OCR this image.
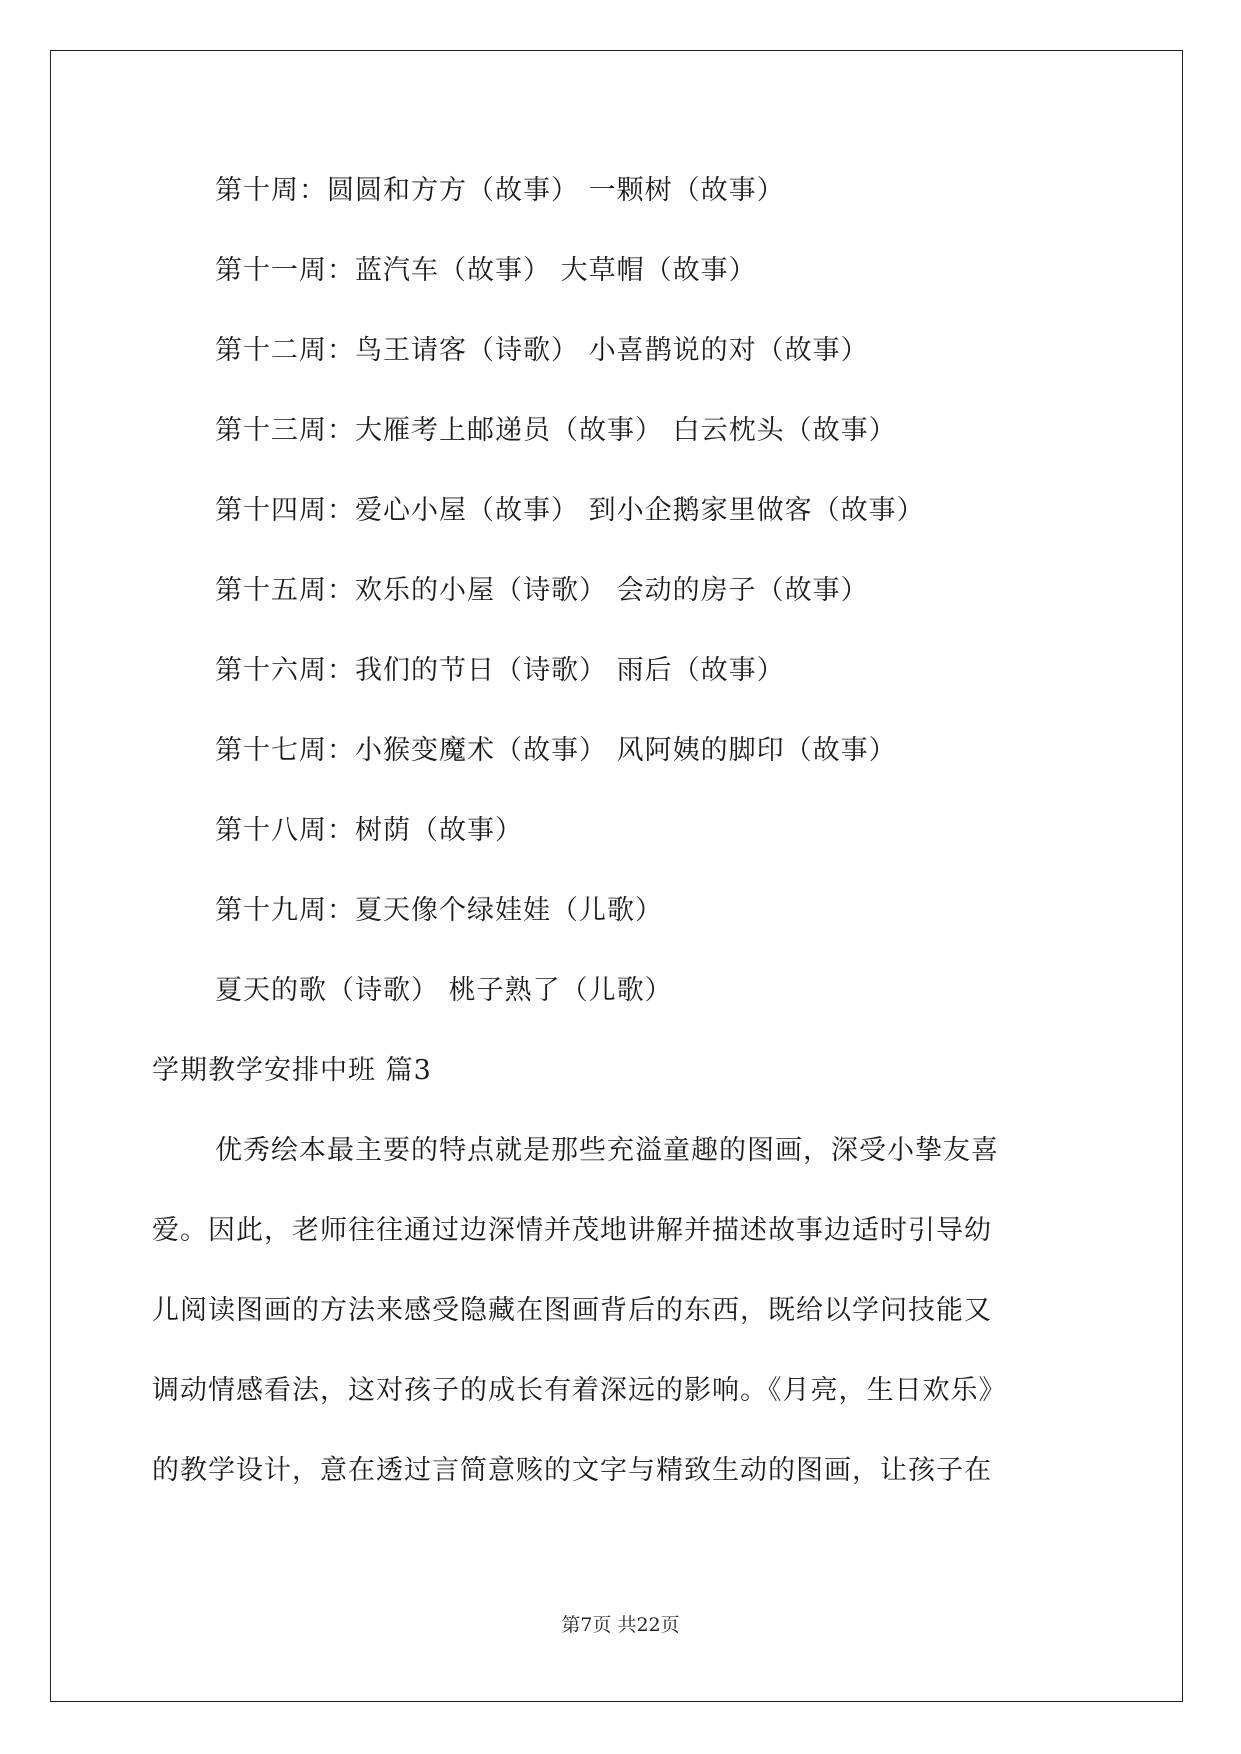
第十周：圆圆和方方（故事） 一颗树（故事）
第十一周：蓝汽车（故事） 大草帽（故事）
第十二周：鸟王请客（诗歌） 小喜鹊说的对（故事）
第十三周：大雁考上邮递员（故事） 白云枕头（故事）
第十四周：爱心小屋（故事） 到小企鹅家里做客（故事）
第十五周：欢乐的小屋（诗歌） 会动的房子（故事）
第十六周：我们的节日（诗歌） 雨后（故事）
第十七周：小猴变魔术（故事） 风阿姨的脚印（故事）
第十八周：树荫（故事）
第十九周：夏天像个绿娃娃（儿歌）
夏天的歌（诗歌） 桃子熟了（儿歌）
学期教学安排中班 篇3
优秀绘本最主要的特点就是那些充溢童趣的图画，深受小挚友喜
爱。因此，老师往往通过边深情并茂地讲解并描述故事边适时引导幼
儿阅读图画的方法来感受隐藏在图画背后的东西，既给以学问技能又
调动情感看法，这对孩子的成长有着深远的影响。《月亮，生日欢乐》
的教学设计，意在透过言简意赅的文字与精致生动的图画，让孩子在
第7页 共22页
